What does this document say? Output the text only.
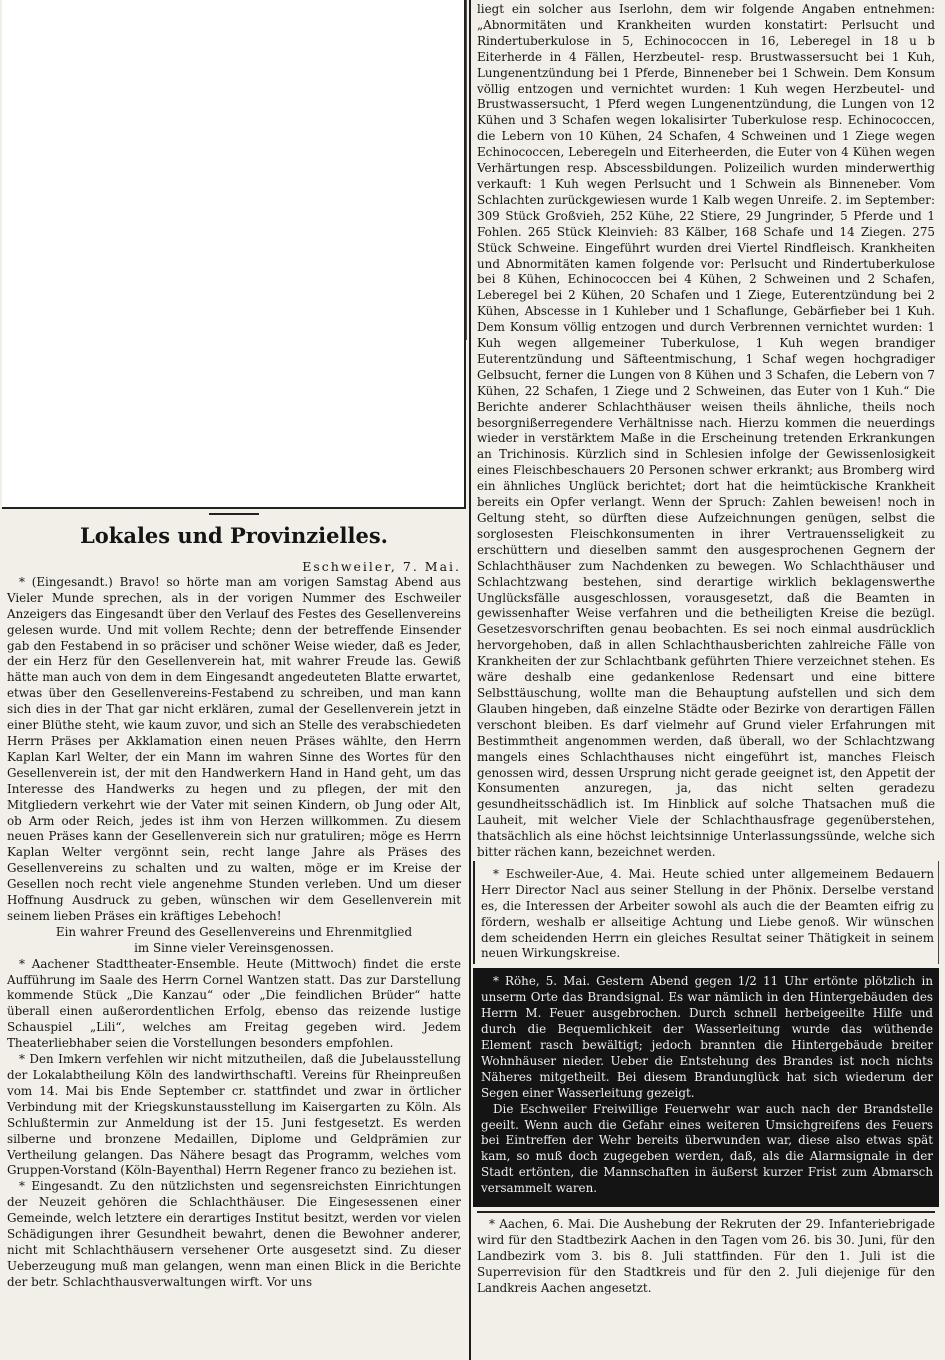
Lokales und Provinzielles.

Eschweiler, 7. Mai.

* (Eingesandt.) Bravo! so hörte man am vorigen Samstag Abend aus Vieler Munde sprechen, als in der vorigen Nummer des Eschweiler Anzeigers das Eingesandt über den Verlauf des Festes des Gesellenvereins gelesen wurde. Und mit vollem Rechte; denn der betreffende Einsender gab den Festabend in so präciser und schöner Weise wieder, daß es Jeder, der ein Herz für den Gesellenverein hat, mit wahrer Freude las. Gewiß hätte man auch von dem in dem Eingesandt angedeuteten Blatte erwartet, etwas über den Gesellenvereins-Festabend zu schreiben, und man kann sich dies in der That gar nicht erklären, zumal der Gesellenverein jetzt in einer Blüthe steht, wie kaum zuvor, und sich an Stelle des verabschiedeten Herrn Präses per Akklamation einen neuen Präses wählte, den Herrn Kaplan Karl Welter, der ein Mann im wahren Sinne des Wortes für den Gesellenverein ist, der mit den Handwerkern Hand in Hand geht, um das Interesse des Handwerks zu hegen und zu pflegen, der mit den Mitgliedern verkehrt wie der Vater mit seinen Kindern, ob Jung oder Alt, ob Arm oder Reich, jedes ist ihm von Herzen willkommen. Zu diesem neuen Präses kann der Gesellenverein sich nur gratuliren; möge es Herrn Kaplan Welter vergönnt sein, recht lange Jahre als Präses des Gesellenvereins zu schalten und zu walten, möge er im Kreise der Gesellen noch recht viele angenehme Stunden verleben. Und um dieser Hoffnung Ausdruck zu geben, wünschen wir dem Gesellenverein mit seinem lieben Präses ein kräftiges Lebehoch!

Ein wahrer Freund des Gesellenvereins und Ehrenmitglied

im Sinne vieler Vereinsgenossen.

* Aachener Stadttheater-Ensemble. Heute (Mittwoch) findet die erste Aufführung im Saale des Herrn Cornel Wantzen statt. Das zur Darstellung kommende Stück „Die Kanzau“ oder „Die feindlichen Brüder“ hatte überall einen außerordentlichen Erfolg, ebenso das reizende lustige Schauspiel „Lili“, welches am Freitag gegeben wird. Jedem Theaterliebhaber seien die Vorstellungen besonders empfohlen.

* Den Imkern verfehlen wir nicht mitzutheilen, daß die Jubelausstellung der Lokalabtheilung Köln des landwirthschaftl. Vereins für Rheinpreußen vom 14. Mai bis Ende September cr. stattfindet und zwar in örtlicher Verbindung mit der Kriegskunstausstellung im Kaisergarten zu Köln. Als Schlußtermin zur Anmeldung ist der 15. Juni festgesetzt. Es werden silberne und bronzene Medaillen, Diplome und Geldprämien zur Vertheilung gelangen. Das Nähere besagt das Programm, welches vom Gruppen-Vorstand (Köln-Bayenthal) Herrn Regener franco zu beziehen ist.

* Eingesandt. Zu den nützlichsten und segensreichsten Einrichtungen der Neuzeit gehören die Schlachthäuser. Die Eingesessenen einer Gemeinde, welch letztere ein derartiges Institut besitzt, werden vor vielen Schädigungen ihrer Gesundheit bewahrt, denen die Bewohner anderer, nicht mit Schlachthäusern versehener Orte ausgesetzt sind. Zu dieser Ueberzeugung muß man gelangen, wenn man einen Blick in die Berichte der betr. Schlachthausverwaltungen wirft. Vor uns

liegt ein solcher aus Iserlohn, dem wir folgende Angaben entnehmen: „Abnormitäten und Krankheiten wurden konstatirt: Perlsucht und Rindertuberkulose in 5, Echinococcen in 16, Leberegel in 18 u b Eiterherde in 4 Fällen, Herzbeutel- resp. Brustwassersucht bei 1 Kuh, Lungenentzündung bei 1 Pferde, Binneneber bei 1 Schwein. Dem Konsum völlig entzogen und vernichtet wurden: 1 Kuh wegen Herzbeutel- und Brustwassersucht, 1 Pferd wegen Lungenentzündung, die Lungen von 12 Kühen und 3 Schafen wegen lokalisirter Tuberkulose resp. Echinococcen, die Lebern von 10 Kühen, 24 Schafen, 4 Schweinen und 1 Ziege wegen Echinococcen, Leberegeln und Eiterheerden, die Euter von 4 Kühen wegen Verhärtungen resp. Abscessbildungen. Polizeilich wurden minderwerthig verkauft: 1 Kuh wegen Perlsucht und 1 Schwein als Binneneber. Vom Schlachten zurückgewiesen wurde 1 Kalb wegen Unreife. 2. im September: 309 Stück Großvieh, 252 Kühe, 22 Stiere, 29 Jungrinder, 5 Pferde und 1 Fohlen. 265 Stück Kleinvieh: 83 Kälber, 168 Schafe und 14 Ziegen. 275 Stück Schweine. Eingeführt wurden drei Viertel Rindfleisch. Krankheiten und Abnormitäten kamen folgende vor: Perlsucht und Rindertuberkulose bei 8 Kühen, Echinococcen bei 4 Kühen, 2 Schweinen und 2 Schafen, Leberegel bei 2 Kühen, 20 Schafen und 1 Ziege, Euterentzündung bei 2 Kühen, Abscesse in 1 Kuhleber und 1 Schaflunge, Gebärfieber bei 1 Kuh. Dem Konsum völlig entzogen und durch Verbrennen vernichtet wurden: 1 Kuh wegen allgemeiner Tuberkulose, 1 Kuh wegen brandiger Euterentzündung und Säfteentmischung, 1 Schaf wegen hochgradiger Gelbsucht, ferner die Lungen von 8 Kühen und 3 Schafen, die Lebern von 7 Kühen, 22 Schafen, 1 Ziege und 2 Schweinen, das Euter von 1 Kuh.“ Die Berichte anderer Schlachthäuser weisen theils ähnliche, theils noch besorgnißerregendere Verhältnisse nach. Hierzu kommen die neuerdings wieder in verstärktem Maße in die Erscheinung tretenden Erkrankungen an Trichinosis. Kürzlich sind in Schlesien infolge der Gewissenlosigkeit eines Fleischbeschauers 20 Personen schwer erkrankt; aus Bromberg wird ein ähnliches Unglück berichtet; dort hat die heimtückische Krankheit bereits ein Opfer verlangt. Wenn der Spruch: Zahlen beweisen! noch in Geltung steht, so dürften diese Aufzeichnungen genügen, selbst die sorglosesten Fleischkonsumenten in ihrer Vertrauensseligkeit zu erschüttern und dieselben sammt den ausgesprochenen Gegnern der Schlachthäuser zum Nachdenken zu bewegen. Wo Schlachthäuser und Schlachtzwang bestehen, sind derartige wirklich beklagenswerthe Unglücksfälle ausgeschlossen, vorausgesetzt, daß die Beamten in gewissenhafter Weise verfahren und die betheiligten Kreise die bezügl. Gesetzesvorschriften genau beobachten. Es sei noch einmal ausdrücklich hervorgehoben, daß in allen Schlachthausberichten zahlreiche Fälle von Krankheiten der zur Schlachtbank geführten Thiere verzeichnet stehen. Es wäre deshalb eine gedankenlose Redensart und eine bittere Selbsttäuschung, wollte man die Behauptung aufstellen und sich dem Glauben hingeben, daß einzelne Städte oder Bezirke von derartigen Fällen verschont bleiben. Es darf vielmehr auf Grund vieler Erfahrungen mit Bestimmtheit angenommen werden, daß überall, wo der Schlachtzwang mangels eines Schlachthauses nicht eingeführt ist, manches Fleisch genossen wird, dessen Ursprung nicht gerade geeignet ist, den Appetit der Konsumenten anzuregen, ja, das nicht selten geradezu gesundheitsschädlich ist. Im Hinblick auf solche Thatsachen muß die Lauheit, mit welcher Viele der Schlachthausfrage gegenüberstehen, thatsächlich als eine höchst leichtsinnige Unterlassungssünde, welche sich bitter rächen kann, bezeichnet werden.

* Eschweiler-Aue, 4. Mai. Heute schied unter allgemeinem Bedauern Herr Director Nacl aus seiner Stellung in der Phönix. Derselbe verstand es, die Interessen der Arbeiter sowohl als auch die der Beamten eifrig zu fördern, weshalb er allseitige Achtung und Liebe genoß. Wir wünschen dem scheidenden Herrn ein gleiches Resultat seiner Thätigkeit in seinem neuen Wirkungskreise.

* Röhe, 5. Mai. Gestern Abend gegen 1/2 11 Uhr ertönte plötzlich in unserm Orte das Brandsignal. Es war nämlich in den Hintergebäuden des Herrn M. Feuer ausgebrochen. Durch schnell herbeigeeilte Hilfe und durch die Bequemlichkeit der Wasserleitung wurde das wüthende Element rasch bewältigt; jedoch brannten die Hintergebäude breiter Wohnhäuser nieder. Ueber die Entstehung des Brandes ist noch nichts Näheres mitgetheilt. Bei diesem Brandunglück hat sich wiederum der Segen einer Wasserleitung gezeigt.

Die Eschweiler Freiwillige Feuerwehr war auch nach der Brandstelle geeilt. Wenn auch die Gefahr eines weiteren Umsichgreifens des Feuers bei Eintreffen der Wehr bereits überwunden war, diese also etwas spät kam, so muß doch zugegeben werden, daß, als die Alarmsignale in der Stadt ertönten, die Mannschaften in äußerst kurzer Frist zum Abmarsch versammelt waren.

* Aachen, 6. Mai. Die Aushebung der Rekruten der 29. Infanteriebrigade wird für den Stadtbezirk Aachen in den Tagen vom 26. bis 30. Juni, für den Landbezirk vom 3. bis 8. Juli stattfinden. Für den 1. Juli ist die Superrevision für den Stadtkreis und für den 2. Juli diejenige für den Landkreis Aachen angesetzt.
